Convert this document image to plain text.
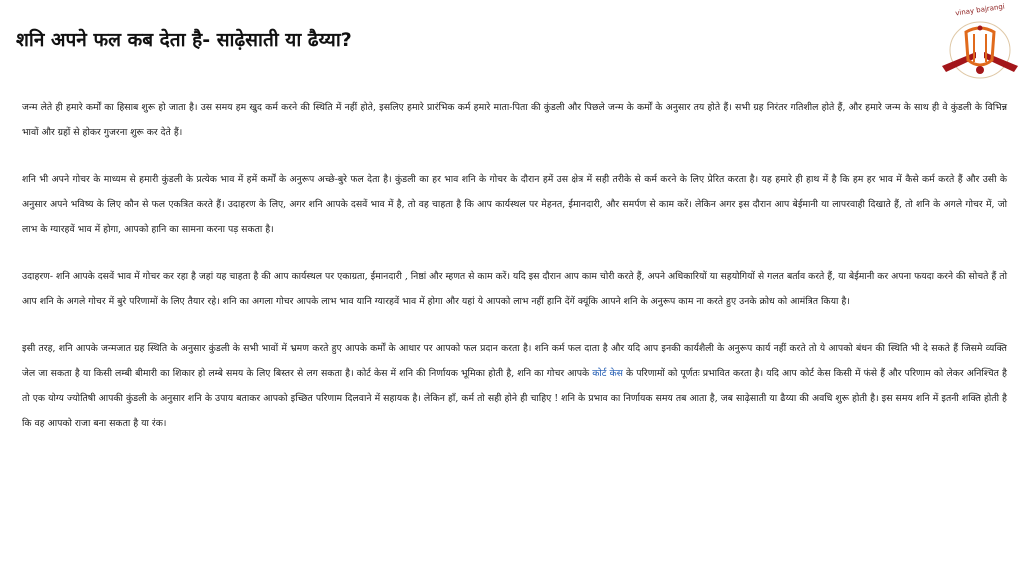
शनि अपने फल कब देता है- साढ़ेसाती या ढैय्या?
vinay bajrangi

जन्म लेते ही हमारे कर्मों का हिसाब शुरू हो जाता है। उस समय हम खुद कर्म करने की स्थिति में नहीं होते, इसलिए हमारे प्रारंभिक कर्म हमारे माता-पिता की कुंडली और पिछले जन्म के कर्मों के अनुसार तय होते हैं। सभी ग्रह निरंतर गतिशील होते हैं, और हमारे जन्म के साथ ही वे कुंडली के विभिन्न भावों और ग्रहों से होकर गुजरना शुरू कर देते हैं।

शनि भी अपने गोचर के माध्यम से हमारी कुंडली के प्रत्येक भाव में हमें कर्मों के अनुरूप अच्छे-बुरे फल देता है। कुंडली का हर भाव शनि के गोचर के दौरान हमें उस क्षेत्र में सही तरीके से कर्म करने के लिए प्रेरित करता है। यह हमारे ही हाथ में है कि हम हर भाव में कैसे कर्म करते हैं और उसी के अनुसार अपने भविष्य के लिए कौन से फल एकत्रित करते हैं। उदाहरण के लिए, अगर शनि आपके दसवें भाव में है, तो वह चाहता है कि आप कार्यस्थल पर मेहनत, ईमानदारी, और समर्पण से काम करें। लेकिन अगर इस दौरान आप बेईमानी या लापरवाही दिखाते हैं, तो शनि के अगले गोचर में, जो लाभ के ग्यारहवें भाव में होगा, आपको हानि का सामना करना पड़ सकता है।

उदाहरण- शनि आपके दसवें भाव में गोचर कर रहा है जहां यह चाहता है की आप कार्यस्थल पर एकाग्रता, ईमानदारी , निष्ठां और म्हणत से काम करें। यदि इस दौरान आप काम चोरी करते हैं, अपने अधिकारियों या सहयोगियों से गलत बर्ताव करते हैं, या बेईमानी कर अपना फयदा करने की सोचते हैं तो आप शनि के अगले गोचर में बुरे परिणामों के लिए तैयार रहे। शनि का अगला गोचर आपके लाभ भाव यानि ग्यारहवें भाव में होगा और यहां ये आपको लाभ नहीं हानि देंगें क्यूंकि आपने शनि के अनुरूप काम ना करते हुए उनके क्रोध को आमंत्रित किया है।

इसी तरह, शनि आपके जन्मजात ग्रह स्थिति के अनुसार कुंडली के सभी भावों में भ्रमण करते हुए आपके कर्मों के आधार पर आपको फल प्रदान करता है। शनि कर्म फल दाता है और यदि आप इनकी कार्यशैली के अनुरूप कार्य नहीं करते तो ये आपको बंधन की स्थिति भी दे सकते हैं जिसमे व्यक्ति जेल जा सकता है या किसी लम्बी बीमारी का शिकार हो लम्बे समय के लिए बिस्तर से लग सकता है। कोर्ट केस में शनि की निर्णायक भूमिका होती है, शनि का गोचर आपके कोर्ट केस के परिणामों को पूर्णतः प्रभावित करता है। यदि आप कोर्ट केस किसी में फंसे हैं और परिणाम को लेकर अनिश्चित है तो एक योग्य ज्योतिषी आपकी कुंडली के अनुसार शनि के उपाय बताकर आपको इच्छित परिणाम दिलवाने में सहायक है। लेकिन हाँ, कर्म तो सही होने ही चाहिए ! शनि के प्रभाव का निर्णायक समय तब आता है, जब साढ़ेसाती या ढैय्या की अवधि शुरू होती है। इस समय शनि में इतनी शक्ति होती है कि वह आपको राजा बना सकता है या रंक।
